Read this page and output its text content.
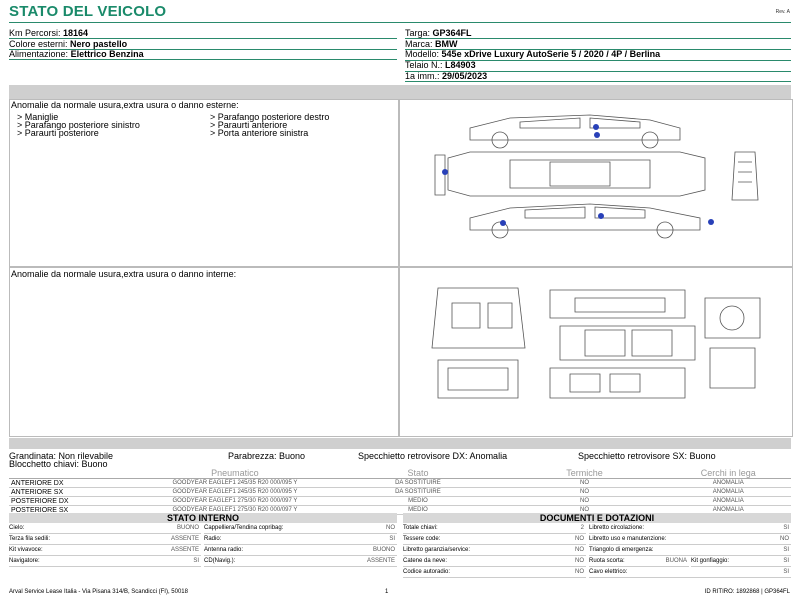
STATO DEL VEICOLO	Rev. A
Km Percorsi: 18164
Colore esterni: Nero pastello
Alimentazione: Elettrico Benzina
Targa: GP364FL
Marca: BMW
Modello: 545e xDrive Luxury AutoSerie 5 / 2020 / 4P / Berlina
Telaio N.: L84903
1a imm.: 29/05/2023
Anomalie da normale usura,extra usura o danno esterne:
> Maniglie
> Parafango posteriore sinistro
> Paraurti posteriore
> Parafango posteriore destro
> Paraurti anteriore
> Porta anteriore sinistra
Anomalie da normale usura,extra usura o danno interne:
Grandinata: Non rilevabile	Parabrezza: Buono	Specchietto retrovisore DX: Anomalia	Specchietto retrovisore SX: Buono
Blocchetto chiavi: Buono
	Pneumatico	Stato	Termiche	Cerchi in lega
ANTERIORE DX	GOODYEAR EAGLEF1 245/35 R20 000/095 Y	DA SOSTITUIRE	NO	ANOMALIA
ANTERIORE SX	GOODYEAR EAGLEF1 245/35 R20 000/095 Y	DA SOSTITUIRE	NO	ANOMALIA
POSTERIORE DX	GOODYEAR EAGLEF1 275/30 R20 000/097 Y	MEDIO	NO	ANOMALIA
POSTERIORE SX	GOODYEAR EAGLEF1 275/30 R20 000/097 Y	MEDIO	NO	ANOMALIA
STATO INTERNO
Cielo:	BUONO Cappelliera/Tendina copribag:	NO
Terza fila sedili:	ASSENTE Radio:	SI
Kit vivavoce:	ASSENTE Antenna radio:	BUONO
Navigatore:	SI CD(Navig.):	ASSENTE
DOCUMENTI E DOTAZIONI
Totale chiavi:	2 Libretto circolazione:	SI
Tessere code:	NO Libretto uso e manutenzione:	NO
Libretto garanzia/service:	NO Triangolo di emergenza:	SI
Catene da neve:	NO Ruota scorta:	BUONA Kit gonfiaggio:	SI
Codice autoradio:	NO Cavo elettrico:	SI
Arval Service Lease Italia - Via Pisana 314/B, Scandicci (FI), 50018	1	ID RITIRO: 1892868 | GP364FL
